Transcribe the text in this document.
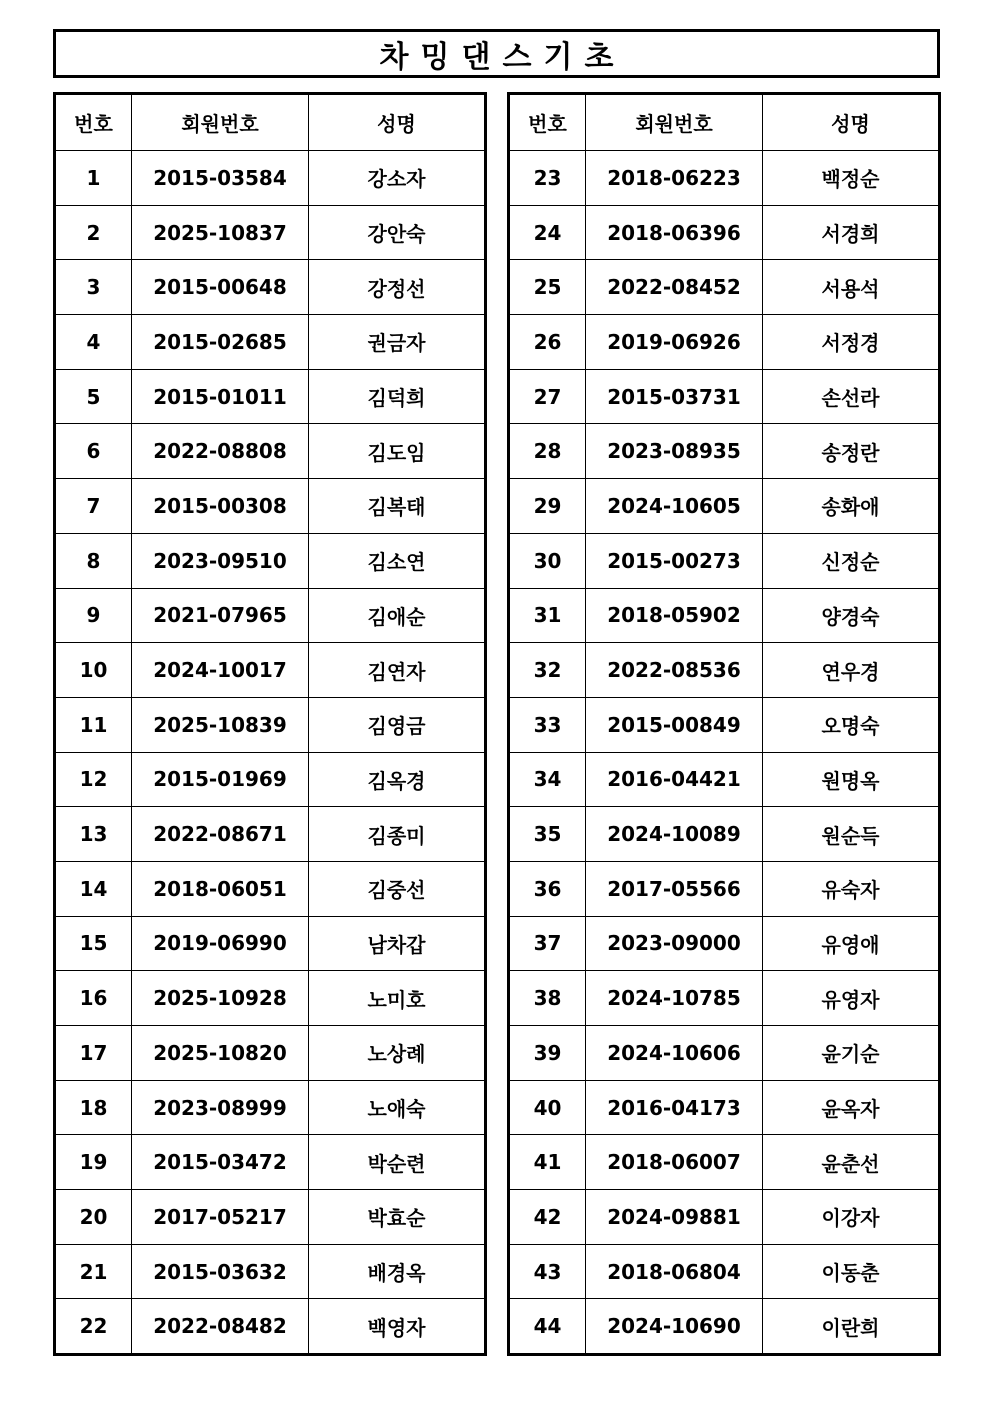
차밍댄스기초
번호	회원번호	성명
1	2015-03584	강소자
2	2025-10837	강안숙
3	2015-00648	강정선
4	2015-02685	권금자
5	2015-01011	김덕희
6	2022-08808	김도임
7	2015-00308	김복태
8	2023-09510	김소연
9	2021-07965	김애순
10	2024-10017	김연자
11	2025-10839	김영금
12	2015-01969	김옥경
13	2022-08671	김종미
14	2018-06051	김중선
15	2019-06990	남차갑
16	2025-10928	노미호
17	2025-10820	노상례
18	2023-08999	노애숙
19	2015-03472	박순련
20	2017-05217	박효순
21	2015-03632	배경옥
22	2022-08482	백영자
번호	회원번호	성명
23	2018-06223	백정순
24	2018-06396	서경희
25	2022-08452	서용석
26	2019-06926	서정경
27	2015-03731	손선라
28	2023-08935	송정란
29	2024-10605	송화애
30	2015-00273	신정순
31	2018-05902	양경숙
32	2022-08536	연우경
33	2015-00849	오명숙
34	2016-04421	원명옥
35	2024-10089	원순득
36	2017-05566	유숙자
37	2023-09000	유영애
38	2024-10785	유영자
39	2024-10606	윤기순
40	2016-04173	윤옥자
41	2018-06007	윤춘선
42	2024-09881	이강자
43	2018-06804	이동춘
44	2024-10690	이란희
